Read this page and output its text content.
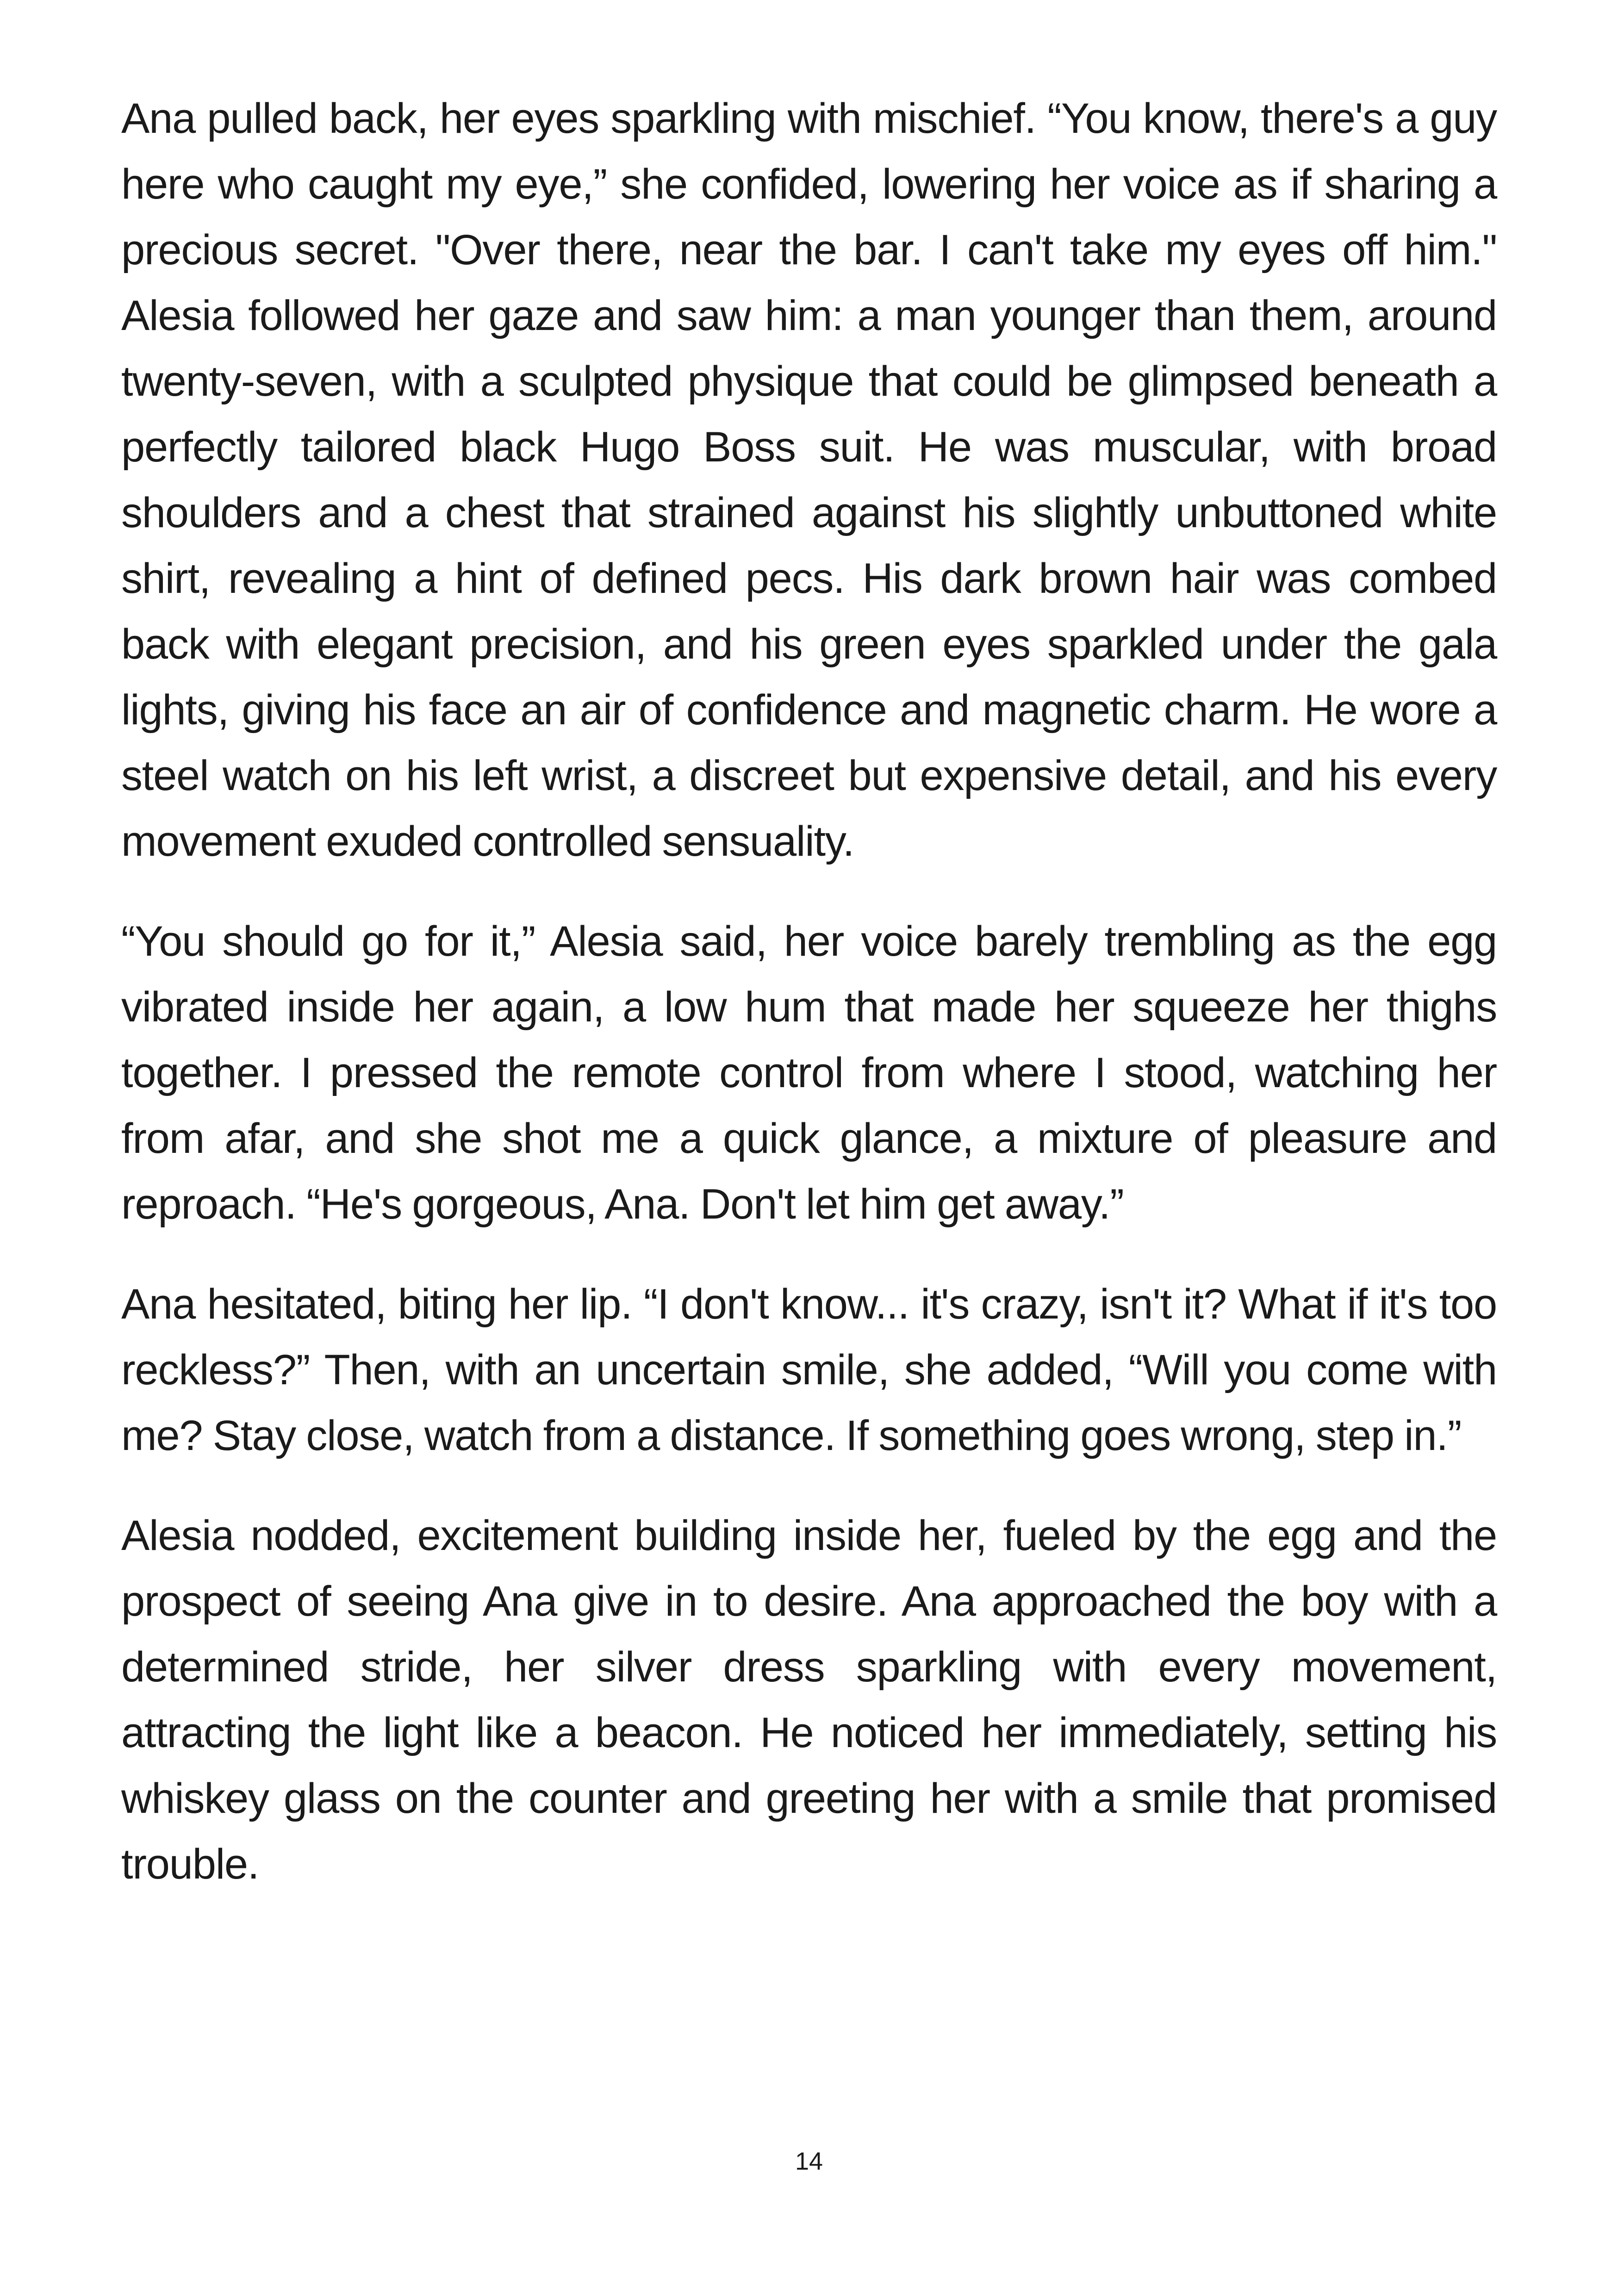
Ana pulled back, her eyes sparkling with mischief. “You know, there's a guy here who caught my eye,” she confided, lowering her voice as if sharing a precious secret. "Over there, near the bar. I can't take my eyes off him." Alesia followed her gaze and saw him: a man younger than them, around twenty-seven, with a sculpted physique that could be glimpsed beneath a perfectly tailored black Hugo Boss suit. He was muscular, with broad shoulders and a chest that strained against his slightly unbuttoned white shirt, revealing a hint of defined pecs. His dark brown hair was combed back with elegant precision, and his green eyes sparkled under the gala lights, giving his face an air of confidence and magnetic charm. He wore a steel watch on his left wrist, a discreet but expensive detail, and his every movement exuded controlled sensuality.

“You should go for it,” Alesia said, her voice barely trembling as the egg vibrated inside her again, a low hum that made her squeeze her thighs together. I pressed the remote control from where I stood, watching her from afar, and she shot me a quick glance, a mixture of pleasure and reproach. “He's gorgeous, Ana. Don't let him get away.”

Ana hesitated, biting her lip. “I don't know... it's crazy, isn't it? What if it's too reckless?” Then, with an uncertain smile, she added, “Will you come with me? Stay close, watch from a distance. If something goes wrong, step in.”

Alesia nodded, excitement building inside her, fueled by the egg and the prospect of seeing Ana give in to desire. Ana approached the boy with a determined stride, her silver dress sparkling with every movement, attracting the light like a beacon. He noticed her immediately, setting his whiskey glass on the counter and greeting her with a smile that promised trouble.

14
